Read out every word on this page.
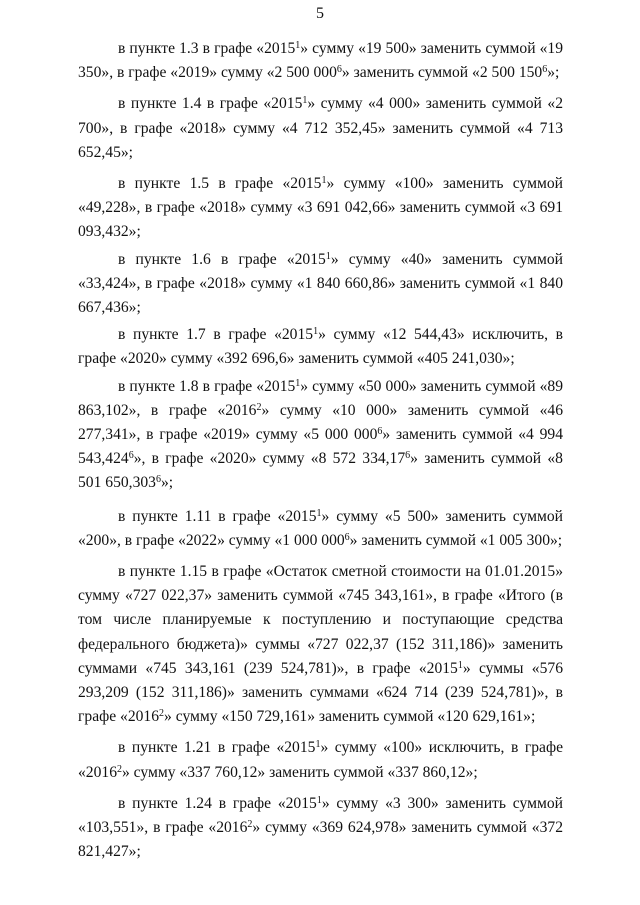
5

в пункте 1.3 в графе «2015$^1$» сумму «19 500» заменить суммой «19 350», в графе «2019» сумму «2 500 $000^6$» заменить суммой «2 500 $150^6$»;

в пункте 1.4 в графе «2015$^1$» сумму «4 000» заменить суммой «2 700», в графе «2018» сумму «4 712 352,45» заменить суммой «4 713 652,45»;

в пункте 1.5 в графе «2015$^1$» сумму «100» заменить суммой «49,228», в графе «2018» сумму «3 691 042,66» заменить суммой «3 691 093,432»;

в пункте 1.6 в графе «2015$^1$» сумму «40» заменить суммой «33,424», в графе «2018» сумму «1 840 660,86» заменить суммой «1 840 667,436»;

в пункте 1.7 в графе «2015$^1$» сумму «12 544,43» исключить, в графе «2020» сумму «392 696,6» заменить суммой «405 241,030»;

в пункте 1.8 в графе «2015$^1$» сумму «50 000» заменить суммой «89 863,102», в графе «2016$^2$» сумму «10 000» заменить суммой «46 277,341», в графе «2019» сумму «5 000 $000^6$» заменить суммой «4 994 543,424$^6$», в графе «2020» сумму «8 572 334,17$^6$» заменить суммой «8 501 650,303$^6$»;

в пункте 1.11 в графе «2015$^1$» сумму «5 500» заменить суммой «200», в графе «2022» сумму «1 000 $000^6$» заменить суммой «1 005 300»;

в пункте 1.15 в графе «Остаток сметной стоимости на 01.01.2015» сумму «727 022,37» заменить суммой «745 343,161», в графе «Итого (в том числе планируемые к поступлению и поступающие средства федерального бюджета)» суммы «727 022,37 (152 311,186)» заменить суммами «745 343,161 (239 524,781)», в графе «2015$^1$» суммы «576 293,209 (152 311,186)» заменить суммами «624 714 (239 524,781)», в графе «2016$^2$» сумму «150 729,161» заменить суммой «120 629,161»;

в пункте 1.21 в графе «2015$^1$» сумму «100» исключить, в графе «2016$^2$» сумму «337 760,12» заменить суммой «337 860,12»;

в пункте 1.24 в графе «2015$^1$» сумму «3 300» заменить суммой «103,551», в графе «2016$^2$» сумму «369 624,978» заменить суммой «372 821,427»;
